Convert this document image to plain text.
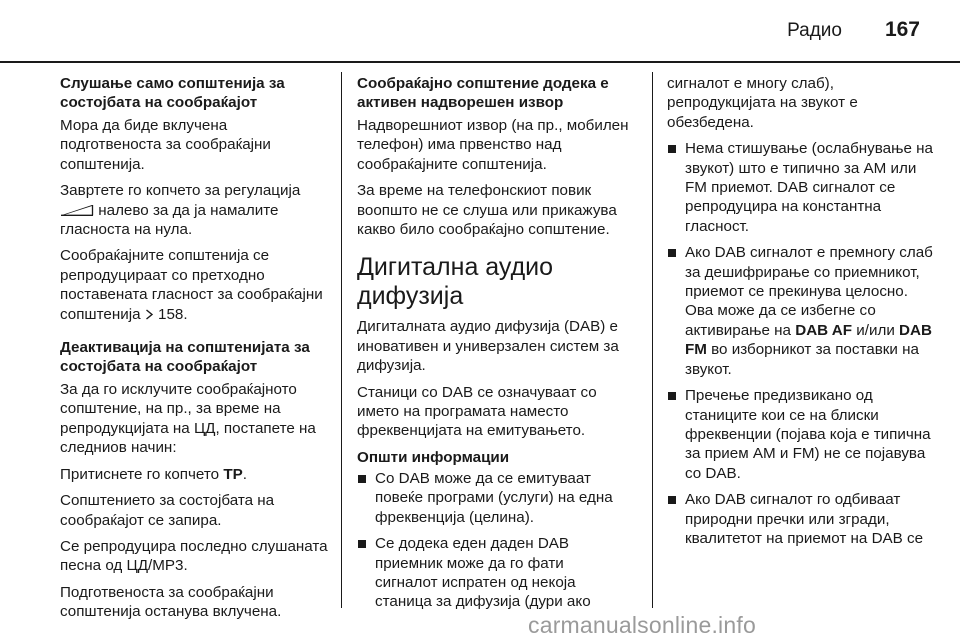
Радио 167
Слушање само сопштенија за состојбата на сообраќајот

Мора да биде вклучена подготвеноста за сообраќајни сопштенија.

Завртете го копчето за регулација  налево за да ја намалите гласноста на нула.

Сообраќајните сопштенија се репродуцираат со претходно поставената гласност за сообраќајни сопштенија 158.

Деактивација на сопштенијата за состојбата на сообраќајот

За да го исклучите сообраќајното сопштение, на пр., за време на репродукцијата на ЦД, постапете на следниов начин:

Притиснете го копчето TP.

Сопштението за состојбата на сообраќајот се запира.

Се репродуцира последно слушаната песна од ЦД/MP3.

Подготвеноста за сообраќајни сопштенија останува вклучена.

Сообраќајно сопштение додека е активен надворешен извор

Надворешниот извор (на пр., мобилен телефон) има првенство над сообраќајните сопштенија.

За време на телефонскиот повик воопшто не се слуша или прикажува какво било сообраќајно сопштение.

Дигитална аудио дифузија

Дигиталната аудио дифузија (DAB) е иновативен и универзален систем за дифузија.

Станици со DAB се означуваат со името на програмата наместо фреквенцијата на емитувањето.

Општи информации
Со DAB може да се емитуваат повеќе програми (услуги) на една фреквенција (целина).
Се додека еден даден DAB приемник може да го фати сигналот испратен од некоја станица за дифузија (дури ако
сигналот е многу слаб), репродукцијата на звукот е обезбедена.
Нема стишување (ослабнување на звукот) што е типично за АМ или FM приемот. DAB сигналот се репродуцира на константна гласност.
Ако DAB сигналот е премногу слаб за дешифрирање со приемникот, приемот се прекинува целосно. Ова може да се избегне со активирање на DAB AF и/или DAB FM во изборникот за поставки на звукот.
Пречење предизвикано од станиците кои се на блиски фреквенции (појава која е типична за прием AM и FM) не се појавува со DAB.
Ако DAB сигналот го одбиваат природни пречки или згради, квалитетот на приемот на DAB се
carmanualsonline.info
